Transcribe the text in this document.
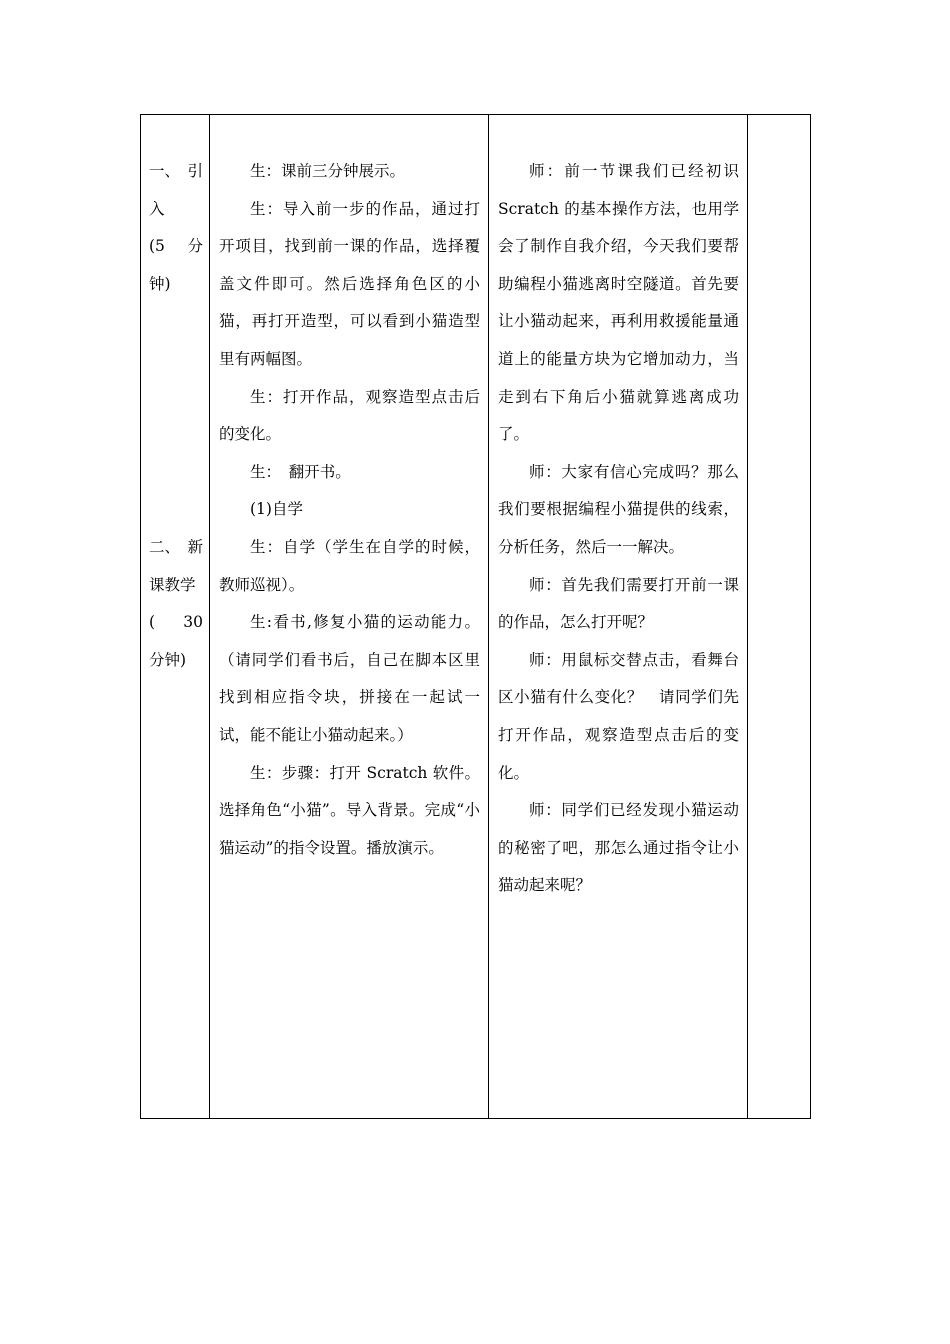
一、 引
入
(5 分
钟)
二、 新
课教学
( 30
分钟)

生：课前三分钟展示。

生：导入前一步的作品，通过打开项目，找到前一课的作品，选择覆盖文件即可。然后选择角色区的小猫，再打开造型，可以看到小猫造型里有两幅图。

生：打开作品，观察造型点击后的变化。

生：　翻开书。

(1)自学

生：自学（学生在自学的时候，教师巡视）。

生:看书,修复小猫的运动能力。（请同学们看书后，自己在脚本区里找到相应指令块，拼接在一起试一试，能不能让小猫动起来。）

生：步骤：打开 Scratch 软件。选择角色“小猫”。导入背景。完成“小猫运动”的指令设置。播放演示。

师：前一节课我们已经初识 Scratch 的基本操作方法，也用学会了制作自我介绍，今天我们要帮助编程小猫逃离时空隧道。首先要让小猫动起来，再利用救援能量通道上的能量方块为它增加动力，当走到右下角后小猫就算逃离成功了。

师：大家有信心完成吗？那么我们要根据编程小猫提供的线索，分析任务，然后一一解决。

师：首先我们需要打开前一课的作品，怎么打开呢？

师：用鼠标交替点击，看舞台区小猫有什么变化？　请同学们先打开作品，观察造型点击后的变化。

师：同学们已经发现小猫运动的秘密了吧，那怎么通过指令让小猫动起来呢？
